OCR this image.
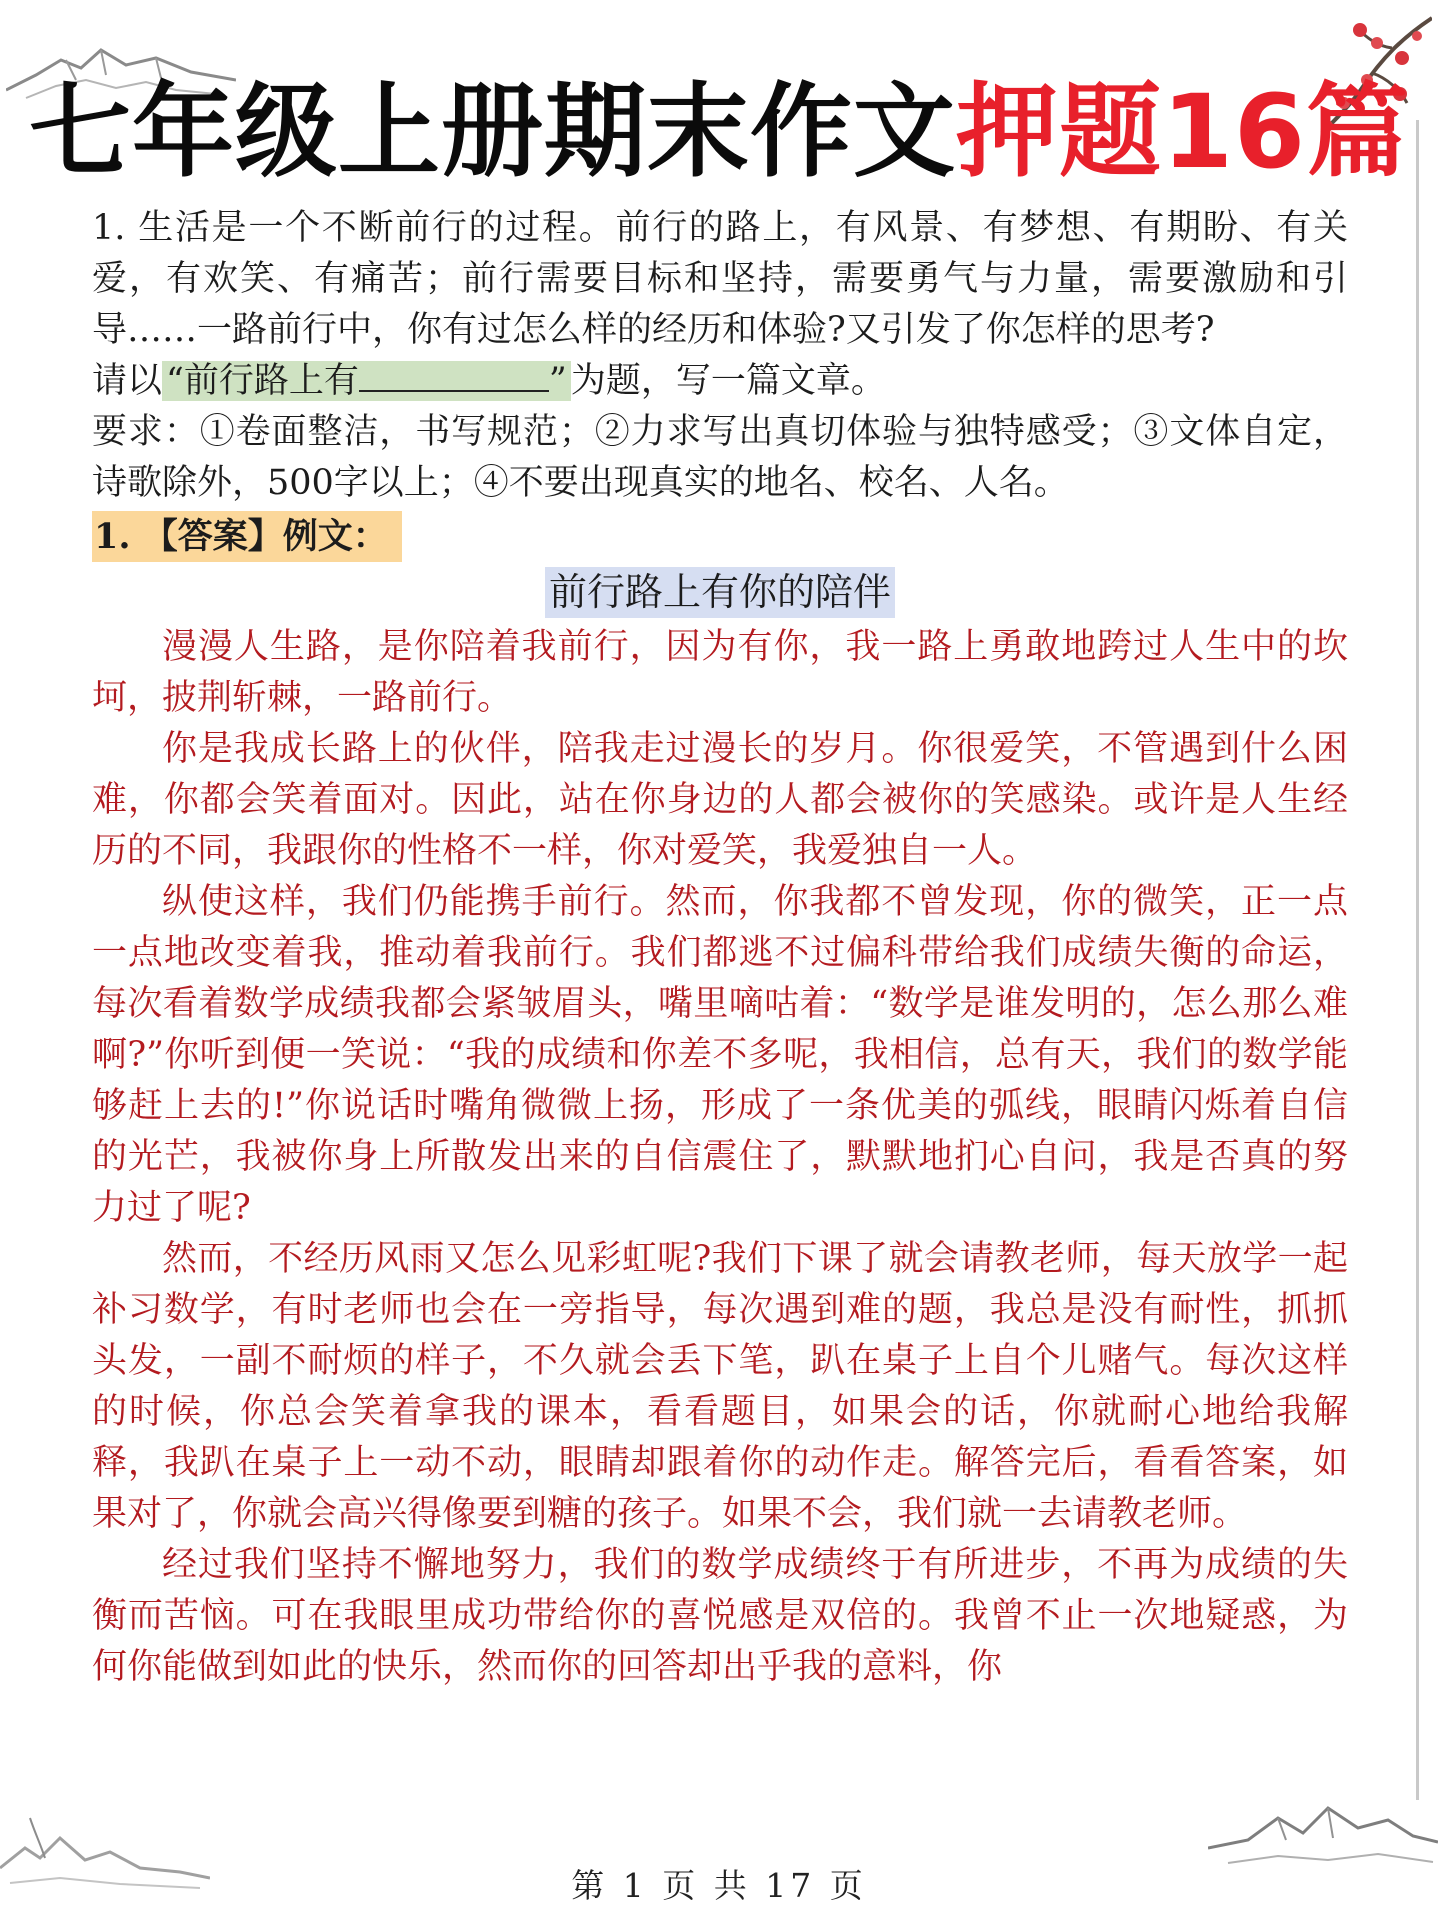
七年级上册期末作文押题16篇

1. 生活是一个不断前行的过程。前行的路上，有风景、有梦想、有期盼、有关爱，有欢笑、有痛苦；前行需要目标和坚持，需要勇气与力量，需要激励和引导……一路前行中，你有过怎么样的经历和体验?又引发了你怎样的思考?

请以 “前行路上有	” 为题，写一篇文章。

要求：①卷面整洁，书写规范；②力求写出真切体验与独特感受；③文体自定，诗歌除外，500字以上；④不要出现真实的地名、校名、人名。

1. 【答案】例文：
前行路上有你的陪伴

漫漫人生路，是你陪着我前行，因为有你，我一路上勇敢地跨过人生中的坎坷，披荆斩棘，一路前行。

你是我成长路上的伙伴，陪我走过漫长的岁月。你很爱笑，不管遇到什么困难，你都会笑着面对。因此，站在你身边的人都会被你的笑感染。或许是人生经历的不同，我跟你的性格不一样，你对爱笑，我爱独自一人。

纵使这样，我们仍能携手前行。然而，你我都不曾发现，你的微笑，正一点一点地改变着我，推动着我前行。我们都逃不过偏科带给我们成绩失衡的命运，每次看着数学成绩我都会紧皱眉头，嘴里嘀咕着：“数学是谁发明的，怎么那么难啊?”你听到便一笑说：“我的成绩和你差不多呢，我相信，总有天，我们的数学能够赶上去的!”你说话时嘴角微微上扬，形成了一条优美的弧线，眼睛闪烁着自信的光芒，我被你身上所散发出来的自信震住了，默默地扪心自问，我是否真的努力过了呢?

然而，不经历风雨又怎么见彩虹呢?我们下课了就会请教老师，每天放学一起补习数学，有时老师也会在一旁指导，每次遇到难的题，我总是没有耐性，抓抓头发，一副不耐烦的样子，不久就会丢下笔，趴在桌子上自个儿赌气。每次这样的时候，你总会笑着拿我的课本，看看题目，如果会的话，你就耐心地给我解释，我趴在桌子上一动不动，眼睛却跟着你的动作走。解答完后，看看答案，如果对了，你就会高兴得像要到糖的孩子。如果不会，我们就一去请教老师。

经过我们坚持不懈地努力，我们的数学成绩终于有所进步，不再为成绩的失衡而苦恼。可在我眼里成功带给你的喜悦感是双倍的。我曾不止一次地疑惑，为何你能做到如此的快乐，然而你的回答却出乎我的意料，你

第 1 页 共 17 页
